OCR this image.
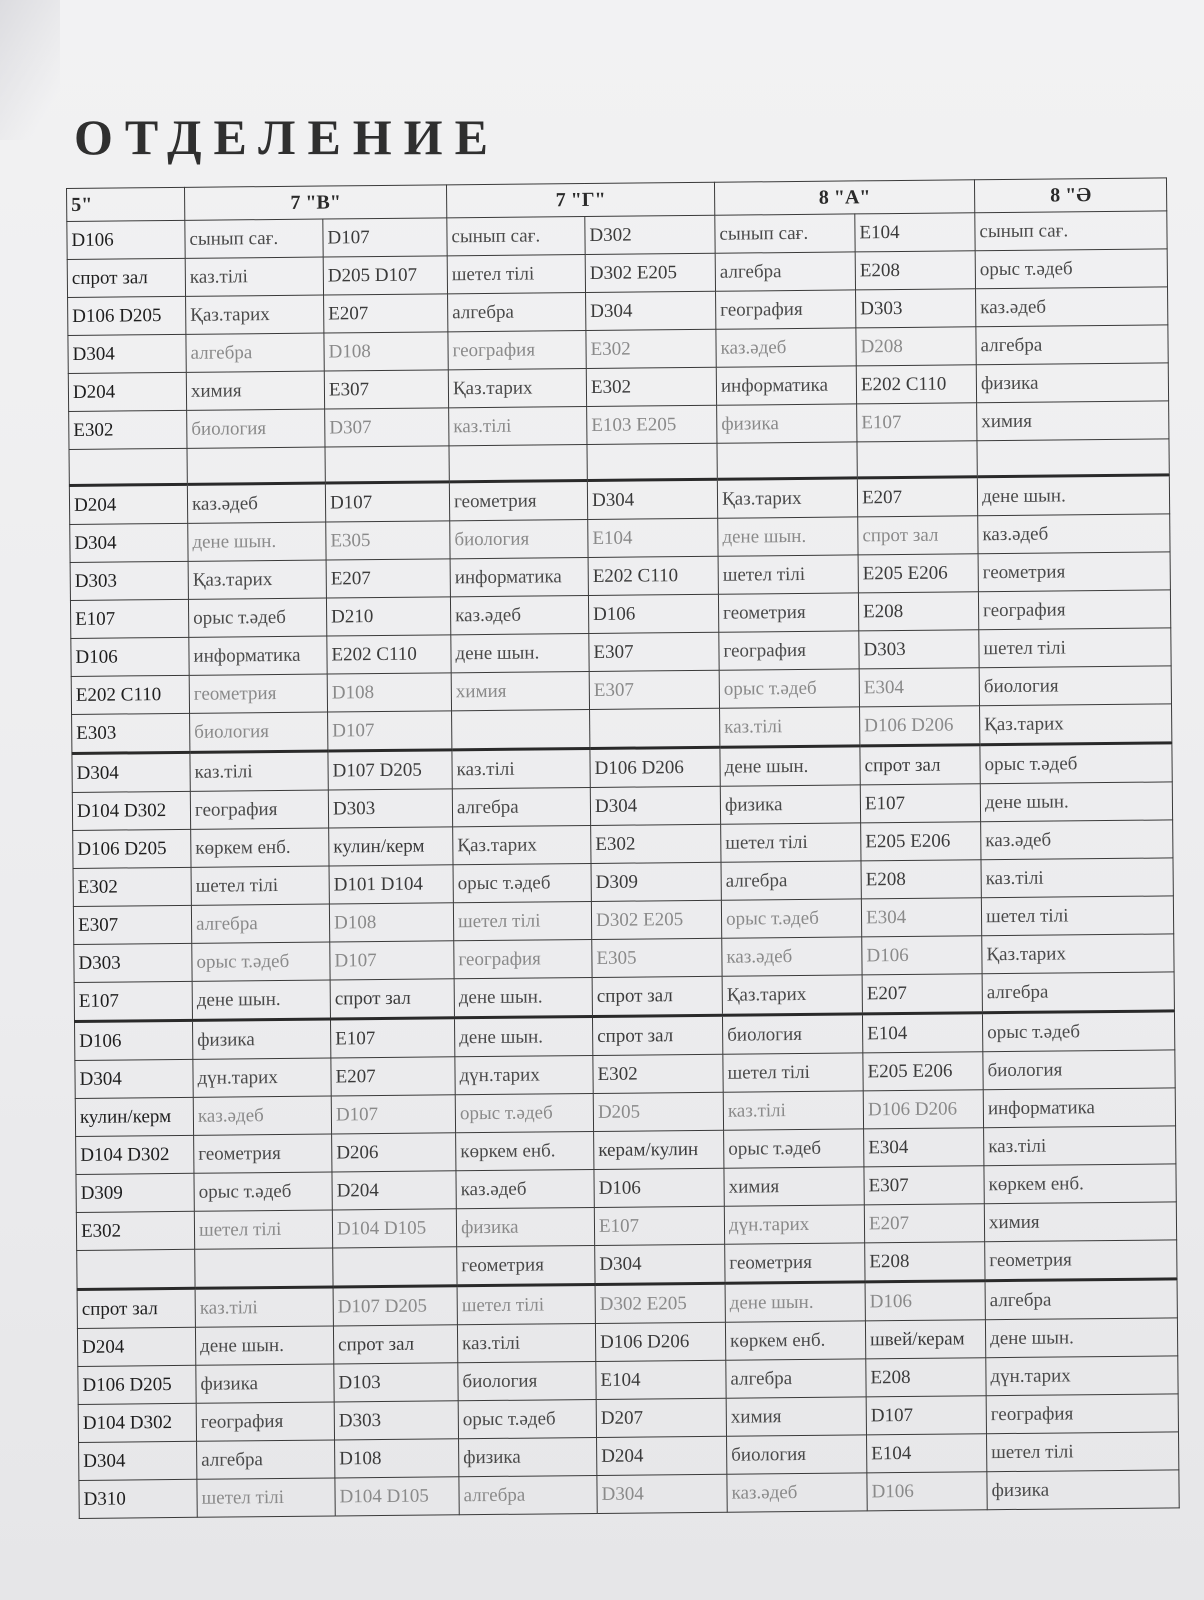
ОТДЕЛЕНИЕ
5"	7 "В"		7 "Г"		8 "А"		8 "Ә
D106	сынып сағ.	D107	сынып сағ.	D302	сынып сағ.	E104	сынып сағ.
спрот зал	каз.тілі	D205 D107	шетел тілі	D302 E205	алгебра	E208	орыс т.әдеб
D106 D205	Қаз.тарих	E207	алгебра	D304	география	D303	каз.әдеб
D304	алгебра	D108	география	E302	каз.әдеб	D208	алгебра
D204	химия	E307	Қаз.тарих	E302	информатика	E202 C110	физика
E302	биология	D307	каз.тілі	E103 E205	физика	E107	химия

D204	каз.әдеб	D107	геометрия	D304	Қаз.тарих	E207	дене шын.
D304	дене шын.	E305	биология	E104	дене шын.	спрот зал	каз.әдеб
D303	Қаз.тарих	E207	информатика	E202 C110	шетел тілі	E205 E206	геометрия
E107	орыс т.әдеб	D210	каз.әдеб	D106	геометрия	E208	география
D106	информатика	E202 C110	дене шын.	E307	география	D303	шетел тілі
E202 C110	геометрия	D108	химия	E307	орыс т.әдеб	E304	биология
E303	биология	D107			каз.тілі	D106 D206	Қаз.тарих
D304	каз.тілі	D107 D205	каз.тілі	D106 D206	дене шын.	спрот зал	орыс т.әдеб
D104 D302	география	D303	алгебра	D304	физика	E107	дене шын.
D106 D205	көркем енб.	кулин/керм	Қаз.тарих	E302	шетел тілі	E205 E206	каз.әдеб
E302	шетел тілі	D101 D104	орыс т.әдеб	D309	алгебра	E208	каз.тілі
E307	алгебра	D108	шетел тілі	D302 E205	орыс т.әдеб	E304	шетел тілі
D303	орыс т.әдеб	D107	география	E305	каз.әдеб	D106	Қаз.тарих
E107	дене шын.	спрот зал	дене шын.	спрот зал	Қаз.тарих	E207	алгебра
D106	физика	E107	дене шын.	спрот зал	биология	E104	орыс т.әдеб
D304	дүн.тарих	E207	дүн.тарих	E302	шетел тілі	E205 E206	биология
кулин/керм	каз.әдеб	D107	орыс т.әдеб	D205	каз.тілі	D106 D206	информатика
D104 D302	геометрия	D206	көркем енб.	керам/кулин	орыс т.әдеб	E304	каз.тілі
D309	орыс т.әдеб	D204	каз.әдеб	D106	химия	E307	көркем енб.
E302	шетел тілі	D104 D105	физика	E107	дүн.тарих	E207	химия
			геометрия	D304	геометрия	E208	геометрия
спрот зал	каз.тілі	D107 D205	шетел тілі	D302 E205	дене шын.	D106	алгебра
D204	дене шын.	спрот зал	каз.тілі	D106 D206	көркем енб.	швей/керам	дене шын.
D106 D205	физика	D103	биология	E104	алгебра	E208	дүн.тарих
D104 D302	география	D303	орыс т.әдеб	D207	химия	D107	география
D304	алгебра	D108	физика	D204	биология	E104	шетел тілі
D310	шетел тілі	D104 D105	алгебра	D304	каз.әдеб	D106	физика
